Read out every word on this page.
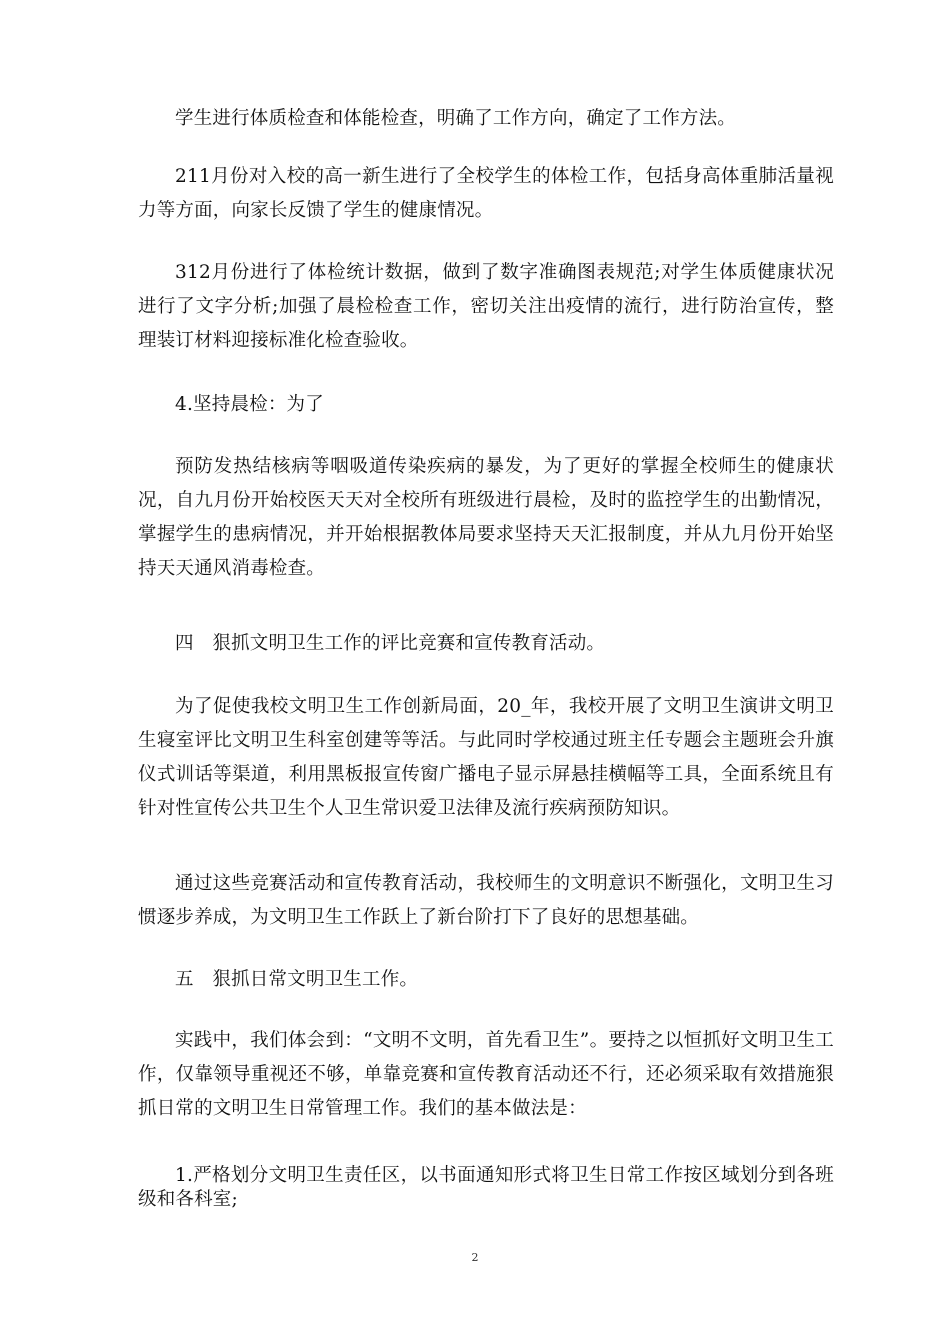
学生进行体质检查和体能检查，明确了工作方向，确定了工作方法。

211月份对入校的高一新生进行了全校学生的体检工作，包括身高体重肺活量视力等方面，向家长反馈了学生的健康情况。

312月份进行了体检统计数据，做到了数字准确图表规范;对学生体质健康状况进行了文字分析;加强了晨检检查工作，密切关注出疫情的流行，进行防治宣传，整理装订材料迎接标准化检查验收。

4.坚持晨检：为了

预防发热结核病等咽吸道传染疾病的暴发，为了更好的掌握全校师生的健康状况，自九月份开始校医天天对全校所有班级进行晨检，及时的监控学生的出勤情况，掌握学生的患病情况，并开始根据教体局要求坚持天天汇报制度，并从九月份开始坚持天天通风消毒检查。

四　狠抓文明卫生工作的评比竞赛和宣传教育活动。

为了促使我校文明卫生工作创新局面，20_年，我校开展了文明卫生演讲文明卫生寝室评比文明卫生科室创建等等活。与此同时学校通过班主任专题会主题班会升旗仪式训话等渠道，利用黑板报宣传窗广播电子显示屏悬挂横幅等工具，全面系统且有针对性宣传公共卫生个人卫生常识爱卫法律及流行疾病预防知识。

通过这些竞赛活动和宣传教育活动，我校师生的文明意识不断强化，文明卫生习惯逐步养成，为文明卫生工作跃上了新台阶打下了良好的思想基础。

五　狠抓日常文明卫生工作。

实践中，我们体会到：“文明不文明，首先看卫生”。要持之以恒抓好文明卫生工作，仅靠领导重视还不够，单靠竞赛和宣传教育活动还不行，还必须采取有效措施狠抓日常的文明卫生日常管理工作。我们的基本做法是：

1.严格划分文明卫生责任区，以书面通知形式将卫生日常工作按区域划分到各班级和各科室;

2
